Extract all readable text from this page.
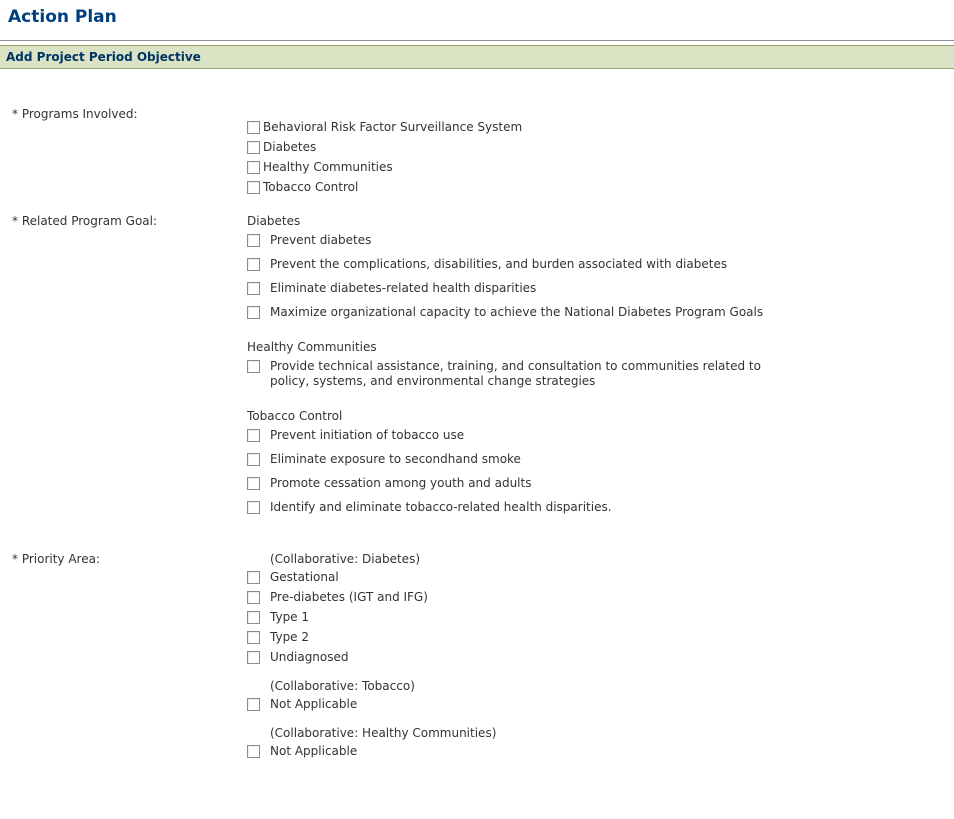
Action Plan
Add Project Period Objective
* Programs Involved:
Behavioral Risk Factor Surveillance System
Diabetes
Healthy Communities
Tobacco Control
* Related Program Goal:	Diabetes
Prevent diabetes
Prevent the complications, disabilities, and burden associated with diabetes
Eliminate diabetes-related health disparities
Maximize organizational capacity to achieve the National Diabetes Program Goals
Healthy Communities
Provide technical assistance, training, and consultation to communities related to policy, systems, and environmental change strategies
Tobacco Control
Prevent initiation of tobacco use
Eliminate exposure to secondhand smoke
Promote cessation among youth and adults
Identify and eliminate tobacco-related health disparities.
* Priority Area:	(Collaborative: Diabetes)
Gestational
Pre-diabetes (IGT and IFG)
Type 1
Type 2
Undiagnosed
(Collaborative: Tobacco)
Not Applicable
(Collaborative: Healthy Communities)
Not Applicable
